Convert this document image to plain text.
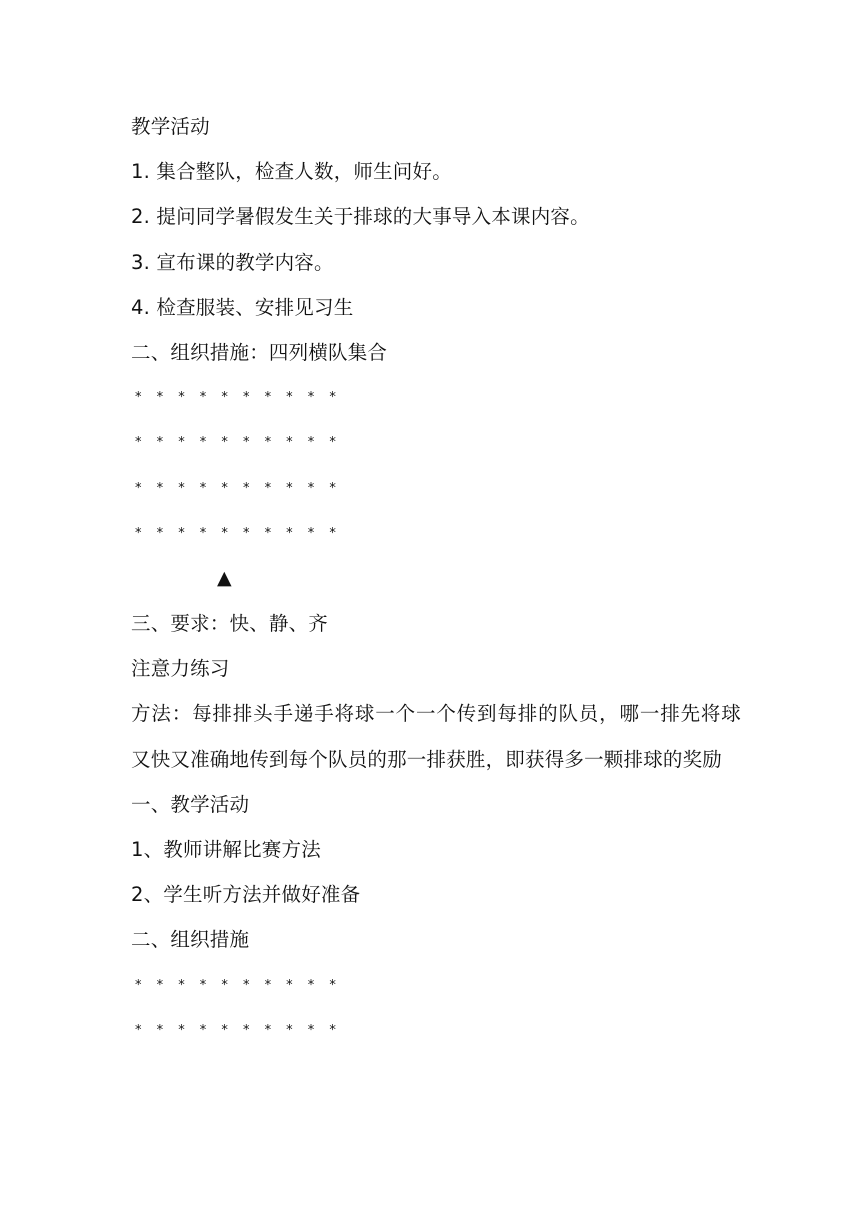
教学活动
1. 集合整队，检查人数，师生问好。
2. 提问同学暑假发生关于排球的大事导入本课内容。
3. 宣布课的教学内容。
4. 检查服装、安排见习生
二、组织措施：四列横队集合
* * * * * * * * * *
* * * * * * * * * *
* * * * * * * * * *
* * * * * * * * * *
▲
三、要求：快、静、齐
注意力练习
方法：每排排头手递手将球一个一个传到每排的队员，哪一排先将球又快又准确地传到每个队员的那一排获胜，即获得多一颗排球的奖励
一、教学活动
1、教师讲解比赛方法
2、学生听方法并做好准备
二、组织措施
* * * * * * * * * *
* * * * * * * * * *
